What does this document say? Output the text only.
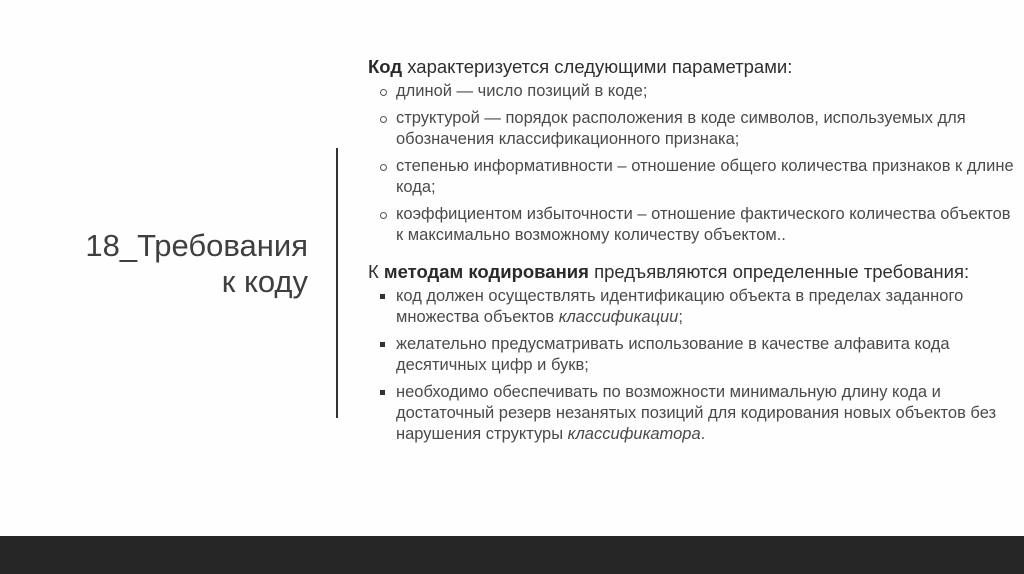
18_Требования
к коду

Код характеризуется следующими параметрами:

длиной — число позиций в коде;
структурой — порядок расположения в коде символов, используемых для обозначения классификационного признака;
степенью информативности – отношение общего количества признаков к длине кода;
коэффициентом избыточности – отношение фактического количества объектов к максимально возможному количеству объектом..

К методам кодирования предъявляются определенные требования:

код должен осуществлять идентификацию объекта в пределах заданного множества объектов классификации;
желательно предусматривать использование в качестве алфавита кода десятичных цифр и букв;
необходимо обеспечивать по возможности минимальную длину кода и достаточный резерв незанятых позиций для кодирования новых объектов без нарушения структуры классификатора.
